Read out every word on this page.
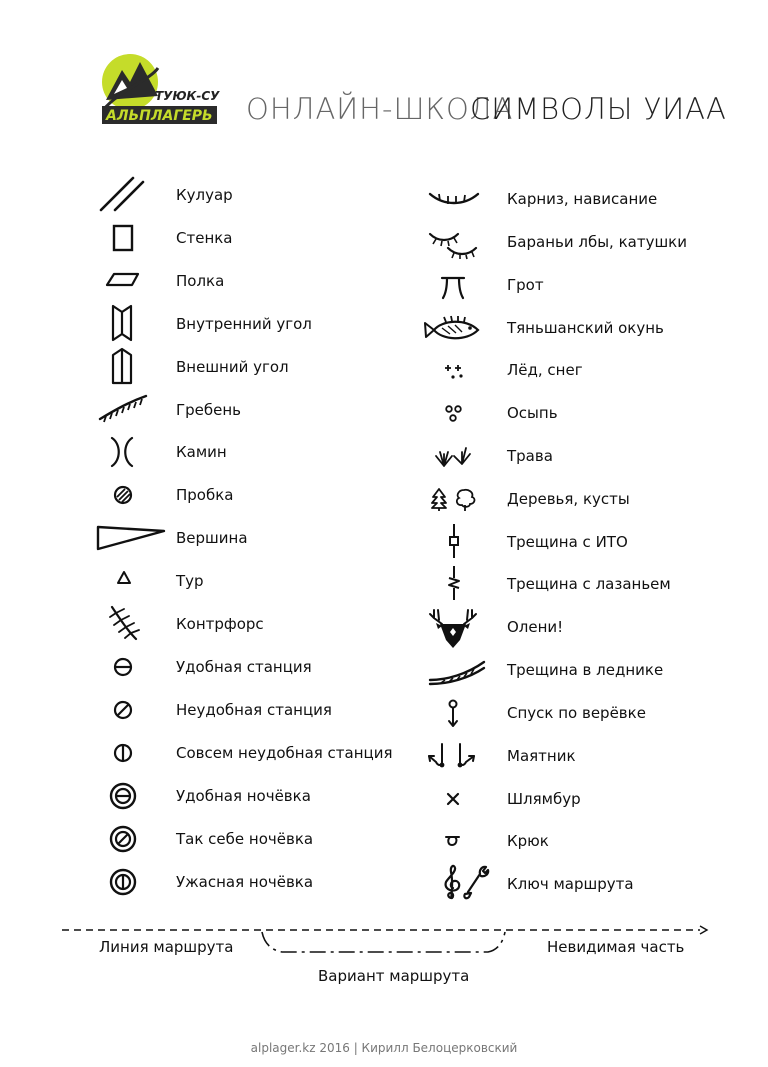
ТУЮК-СУ
АЛЬПЛАГЕРЬ ОНЛАЙН-ШКОЛА
СИМВОЛЫ УИАА
Кулуар
Стенка
Полка
Внутренний угол
Внешний угол
Гребень
Камин
Пробка
Вершина
Тур
Контрфорс
Удобная станция
Неудобная станция
Совсем неудобная станция
Удобная ночёвка
Так себе ночёвка
Ужасная ночёвка
Карниз, нависание
Бараньи лбы, катушки
Грот
Тяньшанский окунь
Лёд, снег
Осыпь
Трава
Деревья, кусты
Трещина с ИТО
Трещина с лазаньем
Олени!
Трещина в леднике
Спуск по верёвке
Маятник
Шлямбур
Крюк
Ключ маршрута
Линия маршрута	Невидимая часть
Вариант маршрута
alplager.kz 2016 | Кирилл Белоцерковский
